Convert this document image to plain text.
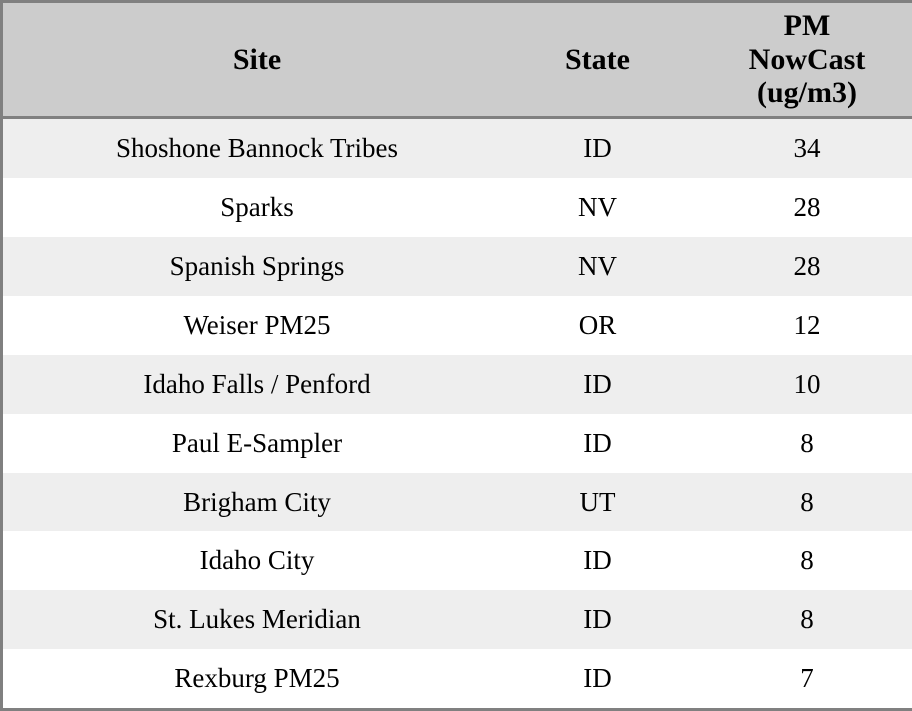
Site	State	PM
NowCast
(ug/m3)

Shoshone Bannock Tribes	ID	34
Sparks	NV	28
Spanish Springs	NV	28
Weiser PM25	OR	12
Idaho Falls / Penford	ID	10
Paul E-Sampler	ID	8
Brigham City	UT	8
Idaho City	ID	8
St. Lukes Meridian	ID	8
Rexburg PM25	ID	7
